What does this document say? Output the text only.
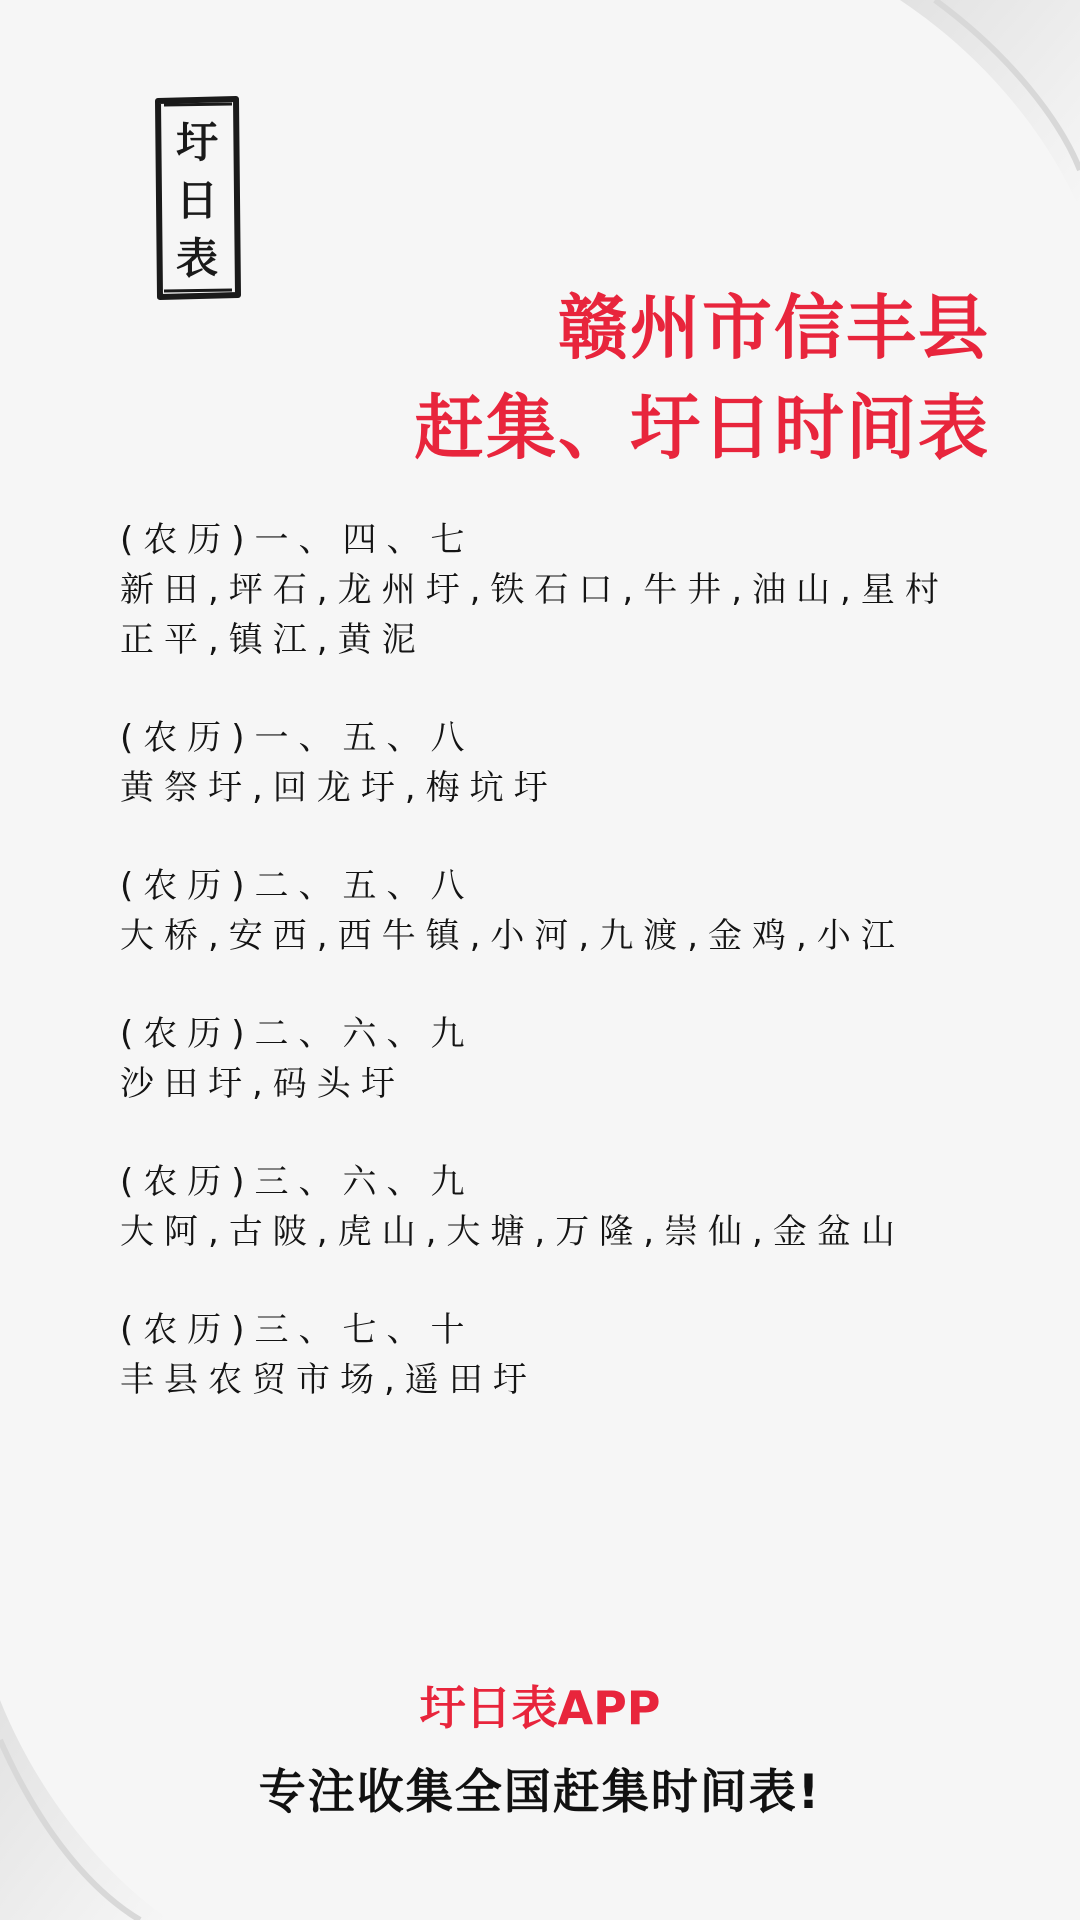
圩
日
表
赣州市信丰县
赶集、圩日时间表
(农历)一、四、七
新田,坪石,龙州圩,铁石口,牛井,油山,星村
正平,镇江,黄泥
(农历)一、五、八
黄祭圩,回龙圩,梅坑圩
(农历)二、五、八
大桥,安西,西牛镇,小河,九渡,金鸡,小江
(农历)二、六、九
沙田圩,码头圩
(农历)三、六、九
大阿,古陂,虎山,大塘,万隆,崇仙,金盆山
(农历)三、七、十
丰县农贸市场,遥田圩
圩日表APP
专注收集全国赶集时间表!
